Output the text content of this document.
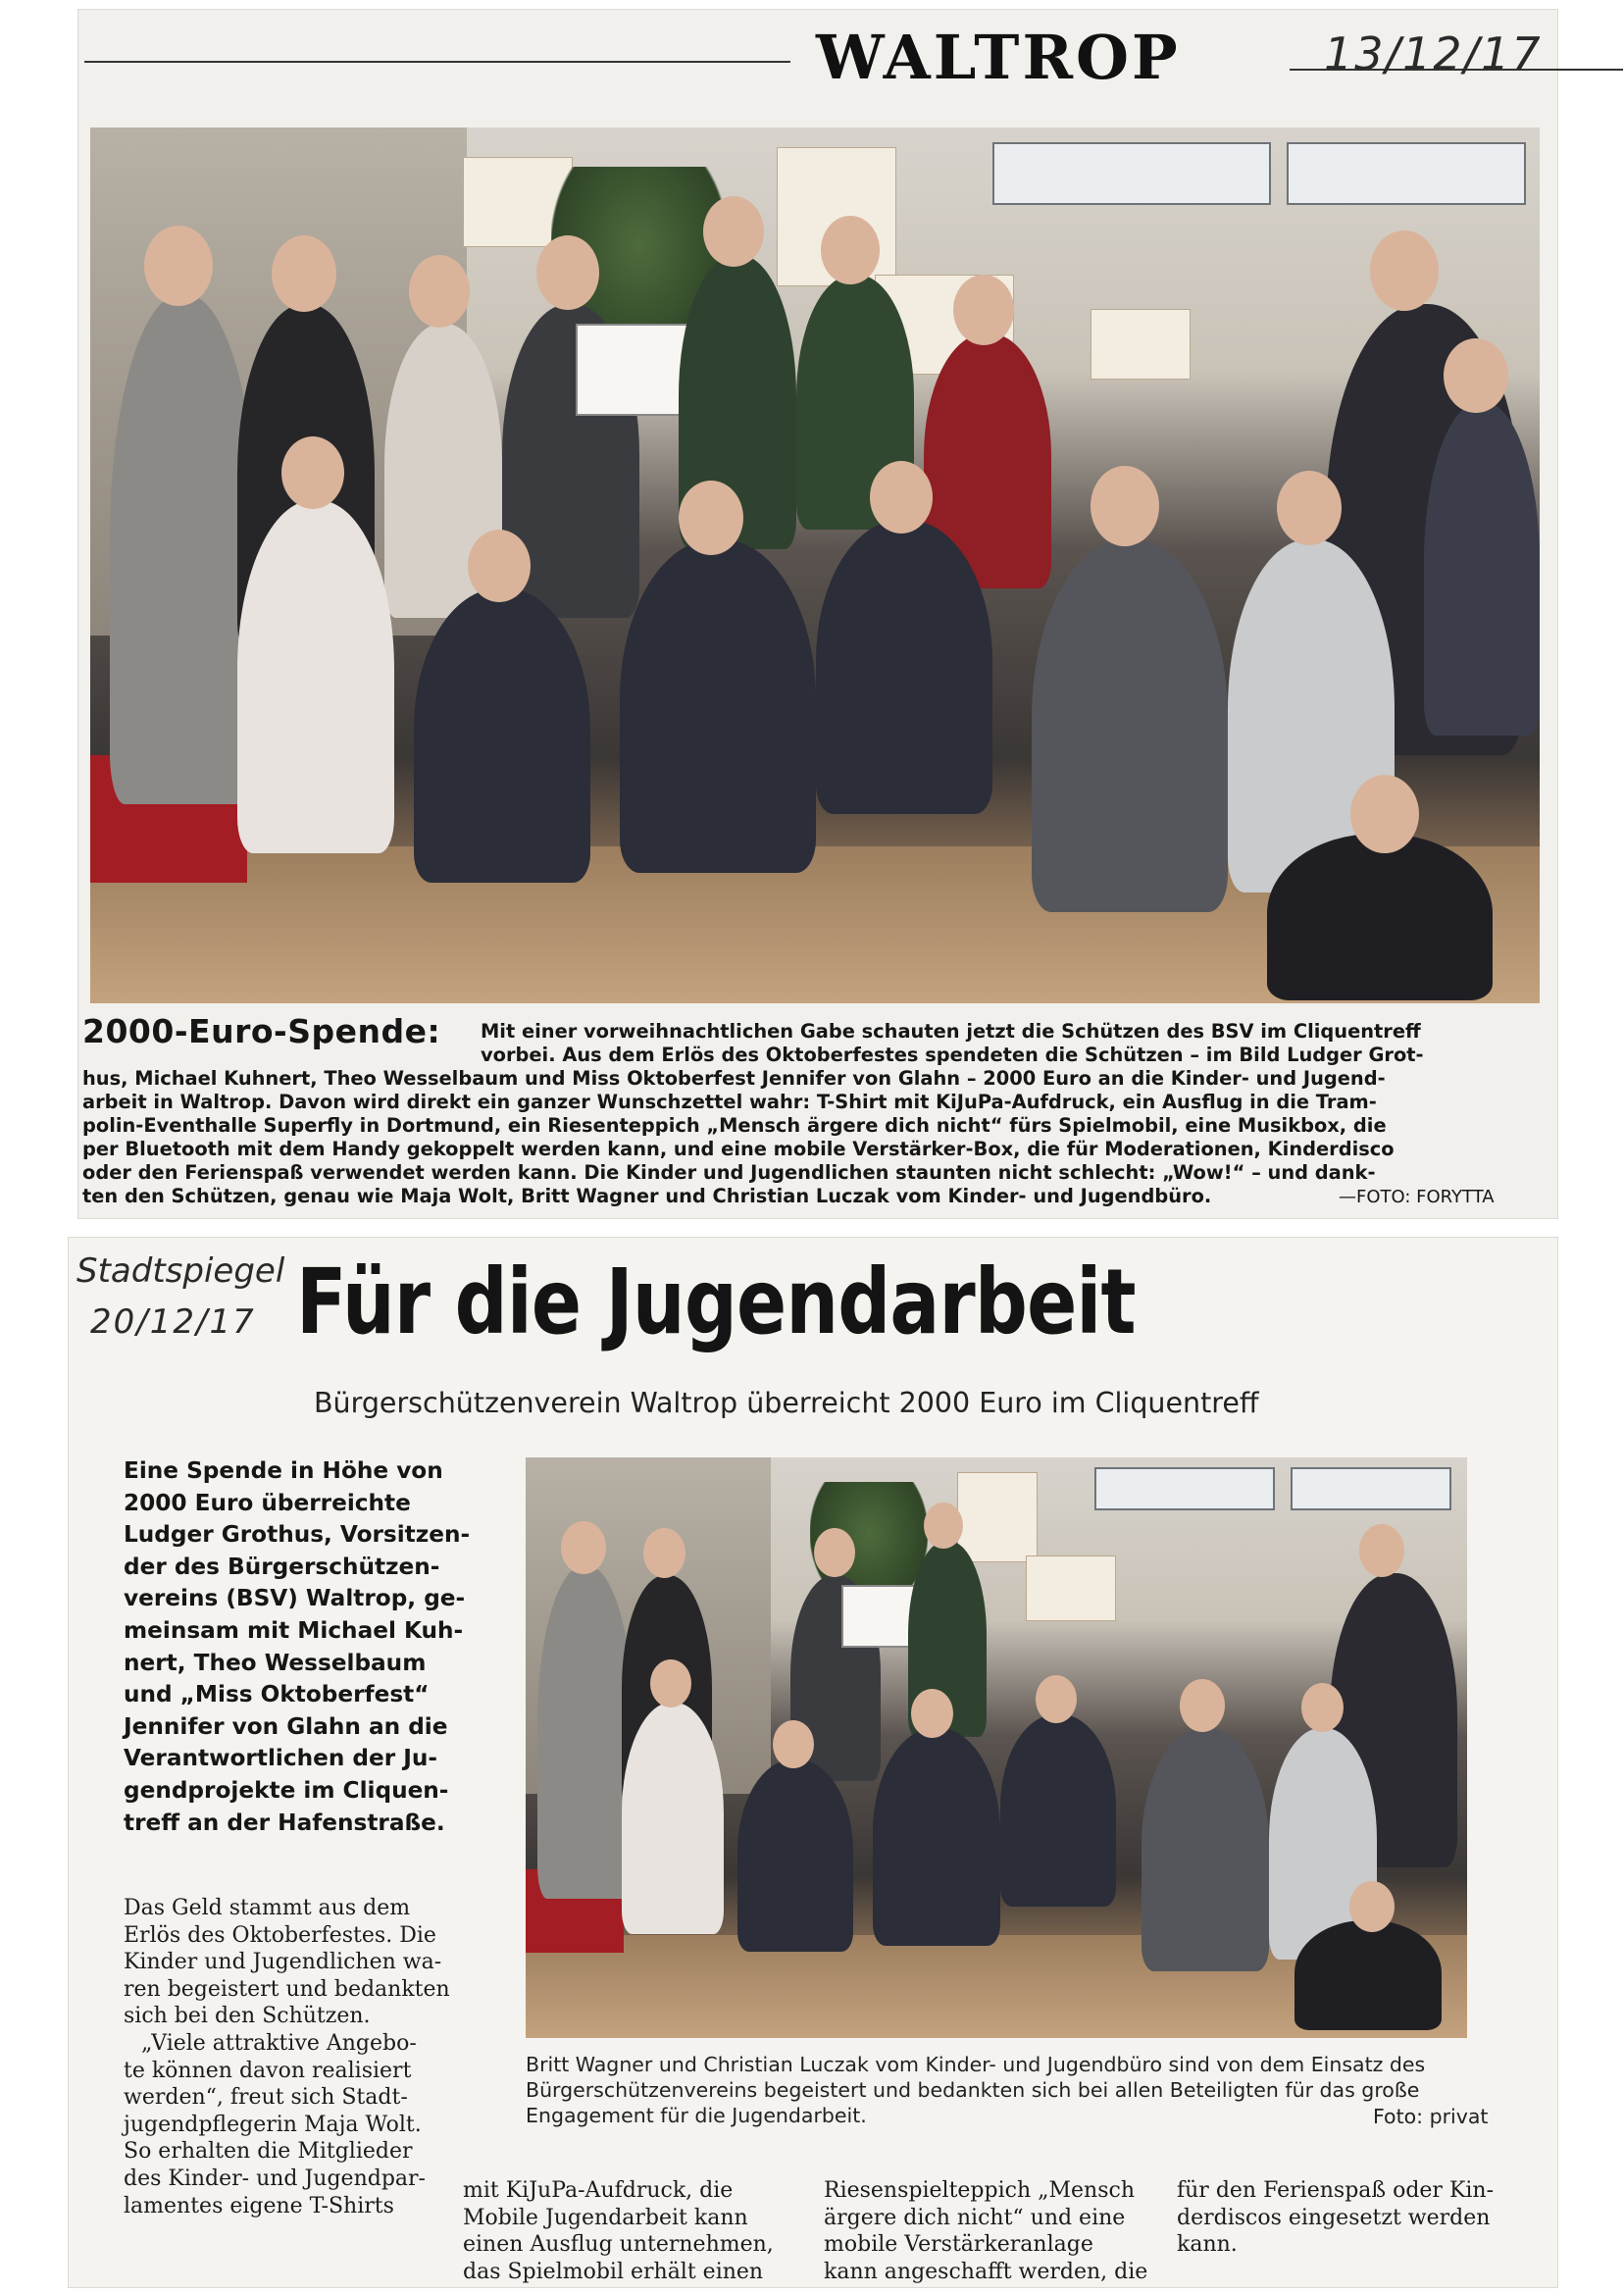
WALTROP	13/12/17
2000-Euro-Spende: Mit einer vorweihnachtlichen Gabe schauten jetzt die Schützen des BSV im Cliquentreff
vorbei. Aus dem Erlös des Oktoberfestes spendeten die Schützen – im Bild Ludger Grot-
hus, Michael Kuhnert, Theo Wesselbaum und Miss Oktoberfest Jennifer von Glahn – 2000 Euro an die Kinder- und Jugend-
arbeit in Waltrop. Davon wird direkt ein ganzer Wunschzettel wahr: T-Shirt mit KiJuPa-Aufdruck, ein Ausflug in die Tram-
polin-Eventhalle Superfly in Dortmund, ein Riesenteppich „Mensch ärgere dich nicht“ fürs Spielmobil, eine Musikbox, die
per Bluetooth mit dem Handy gekoppelt werden kann, und eine mobile Verstärker-Box, die für Moderationen, Kinderdisco
oder den Ferienspaß verwendet werden kann. Die Kinder und Jugendlichen staunten nicht schlecht: „Wow!“ – und dank-
ten den Schützen, genau wie Maja Wolt, Britt Wagner und Christian Luczak vom Kinder- und Jugendbüro.	—FOTO: FORYTTA
Stadtspiegel
20/12/17 Für die Jugendarbeit
Bürgerschützenverein Waltrop überreicht 2000 Euro im Cliquentreff
Eine Spende in Höhe von
2000 Euro überreichte
Ludger Grothus, Vorsitzen-
der des Bürgerschützen-
vereins (BSV) Waltrop, ge-
meinsam mit Michael Kuh-
nert, Theo Wesselbaum
und „Miss Oktoberfest“
Jennifer von Glahn an die
Verantwortlichen der Ju-
gendprojekte im Cliquen-
treff an der Hafenstraße.
Britt Wagner und Christian Luczak vom Kinder- und Jugendbüro sind von dem Einsatz des
Bürgerschützenvereins begeistert und bedankten sich bei allen Beteiligten für das große
Engagement für die Jugendarbeit.	Foto: privat
Das Geld stammt aus dem
Erlös des Oktoberfestes. Die
Kinder und Jugendlichen wa-
ren begeistert und bedankten
sich bei den Schützen.
„Viele attraktive Angebo-
te können davon realisiert
werden“, freut sich Stadt-
jugendpflegerin Maja Wolt.
So erhalten die Mitglieder
des Kinder- und Jugendpar-
lamentes eigene T-Shirts
mit KiJuPa-Aufdruck, die
Mobile Jugendarbeit kann
einen Ausflug unternehmen,
das Spielmobil erhält einen
Riesenspielteppich „Mensch
ärgere dich nicht“ und eine
mobile Verstärkeranlage
kann angeschafft werden, die
für den Ferienspaß oder Kin-
derdiscos eingesetzt werden
kann.
